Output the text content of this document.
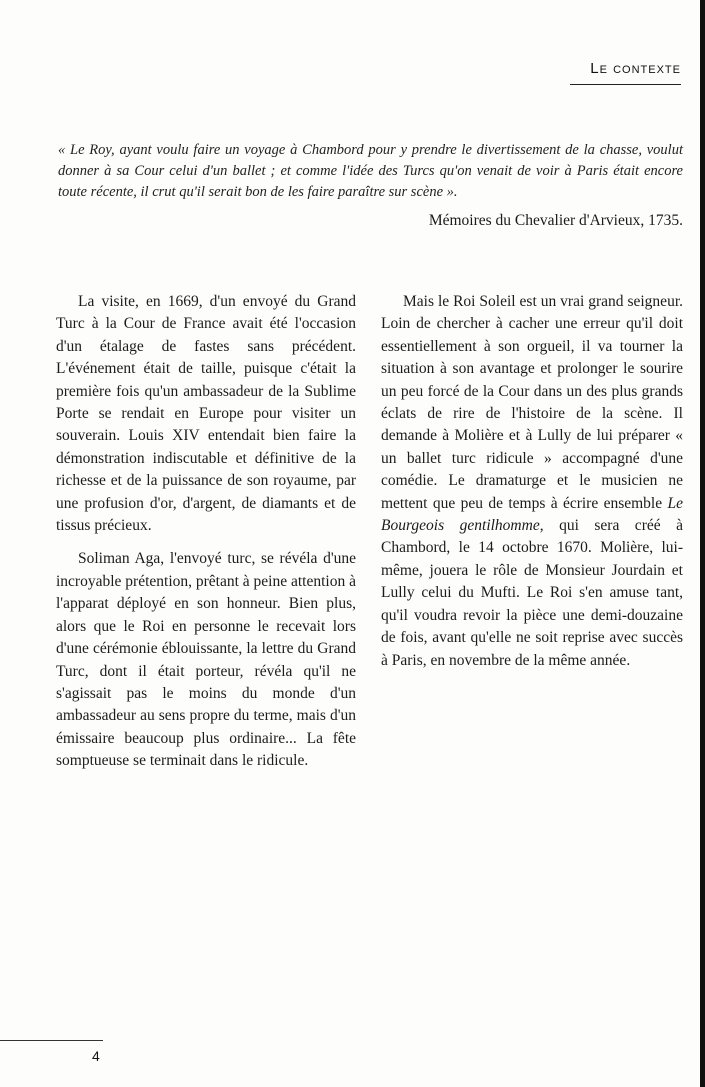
Le contexte
« Le Roy, ayant voulu faire un voyage à Chambord pour y prendre le divertissement de la chasse, voulut donner à sa Cour celui d'un ballet ; et comme l'idée des Turcs qu'on venait de voir à Paris était encore toute récente, il crut qu'il serait bon de les faire paraître sur scène ».
Mémoires du Chevalier d'Arvieux, 1735.

La visite, en 1669, d'un envoyé du Grand Turc à la Cour de France avait été l'occasion d'un étalage de fastes sans précédent. L'événement était de taille, puisque c'était la première fois qu'un ambassadeur de la Sublime Porte se rendait en Europe pour visiter un souverain. Louis XIV entendait bien faire la démonstration indiscutable et définitive de la richesse et de la puissance de son royaume, par une profusion d'or, d'argent, de diamants et de tissus précieux.

Soliman Aga, l'envoyé turc, se révéla d'une incroyable prétention, prêtant à peine attention à l'apparat déployé en son honneur. Bien plus, alors que le Roi en personne le recevait lors d'une cérémonie éblouissante, la lettre du Grand Turc, dont il était porteur, révéla qu'il ne s'agissait pas le moins du monde d'un ambassadeur au sens propre du terme, mais d'un émissaire beaucoup plus ordinaire... La fête somptueuse se terminait dans le ridicule.

Mais le Roi Soleil est un vrai grand seigneur. Loin de chercher à cacher une erreur qu'il doit essentiellement à son orgueil, il va tourner la situation à son avantage et prolonger le sourire un peu forcé de la Cour dans un des plus grands éclats de rire de l'histoire de la scène. Il demande à Molière et à Lully de lui préparer « un ballet turc ridicule » accompagné d'une comédie. Le dramaturge et le musicien ne mettent que peu de temps à écrire ensemble Le Bourgeois gentilhomme, qui sera créé à Chambord, le 14 octobre 1670. Molière, lui-même, jouera le rôle de Monsieur Jourdain et Lully celui du Mufti. Le Roi s'en amuse tant, qu'il voudra revoir la pièce une demi-douzaine de fois, avant qu'elle ne soit reprise avec succès à Paris, en novembre de la même année.

4
